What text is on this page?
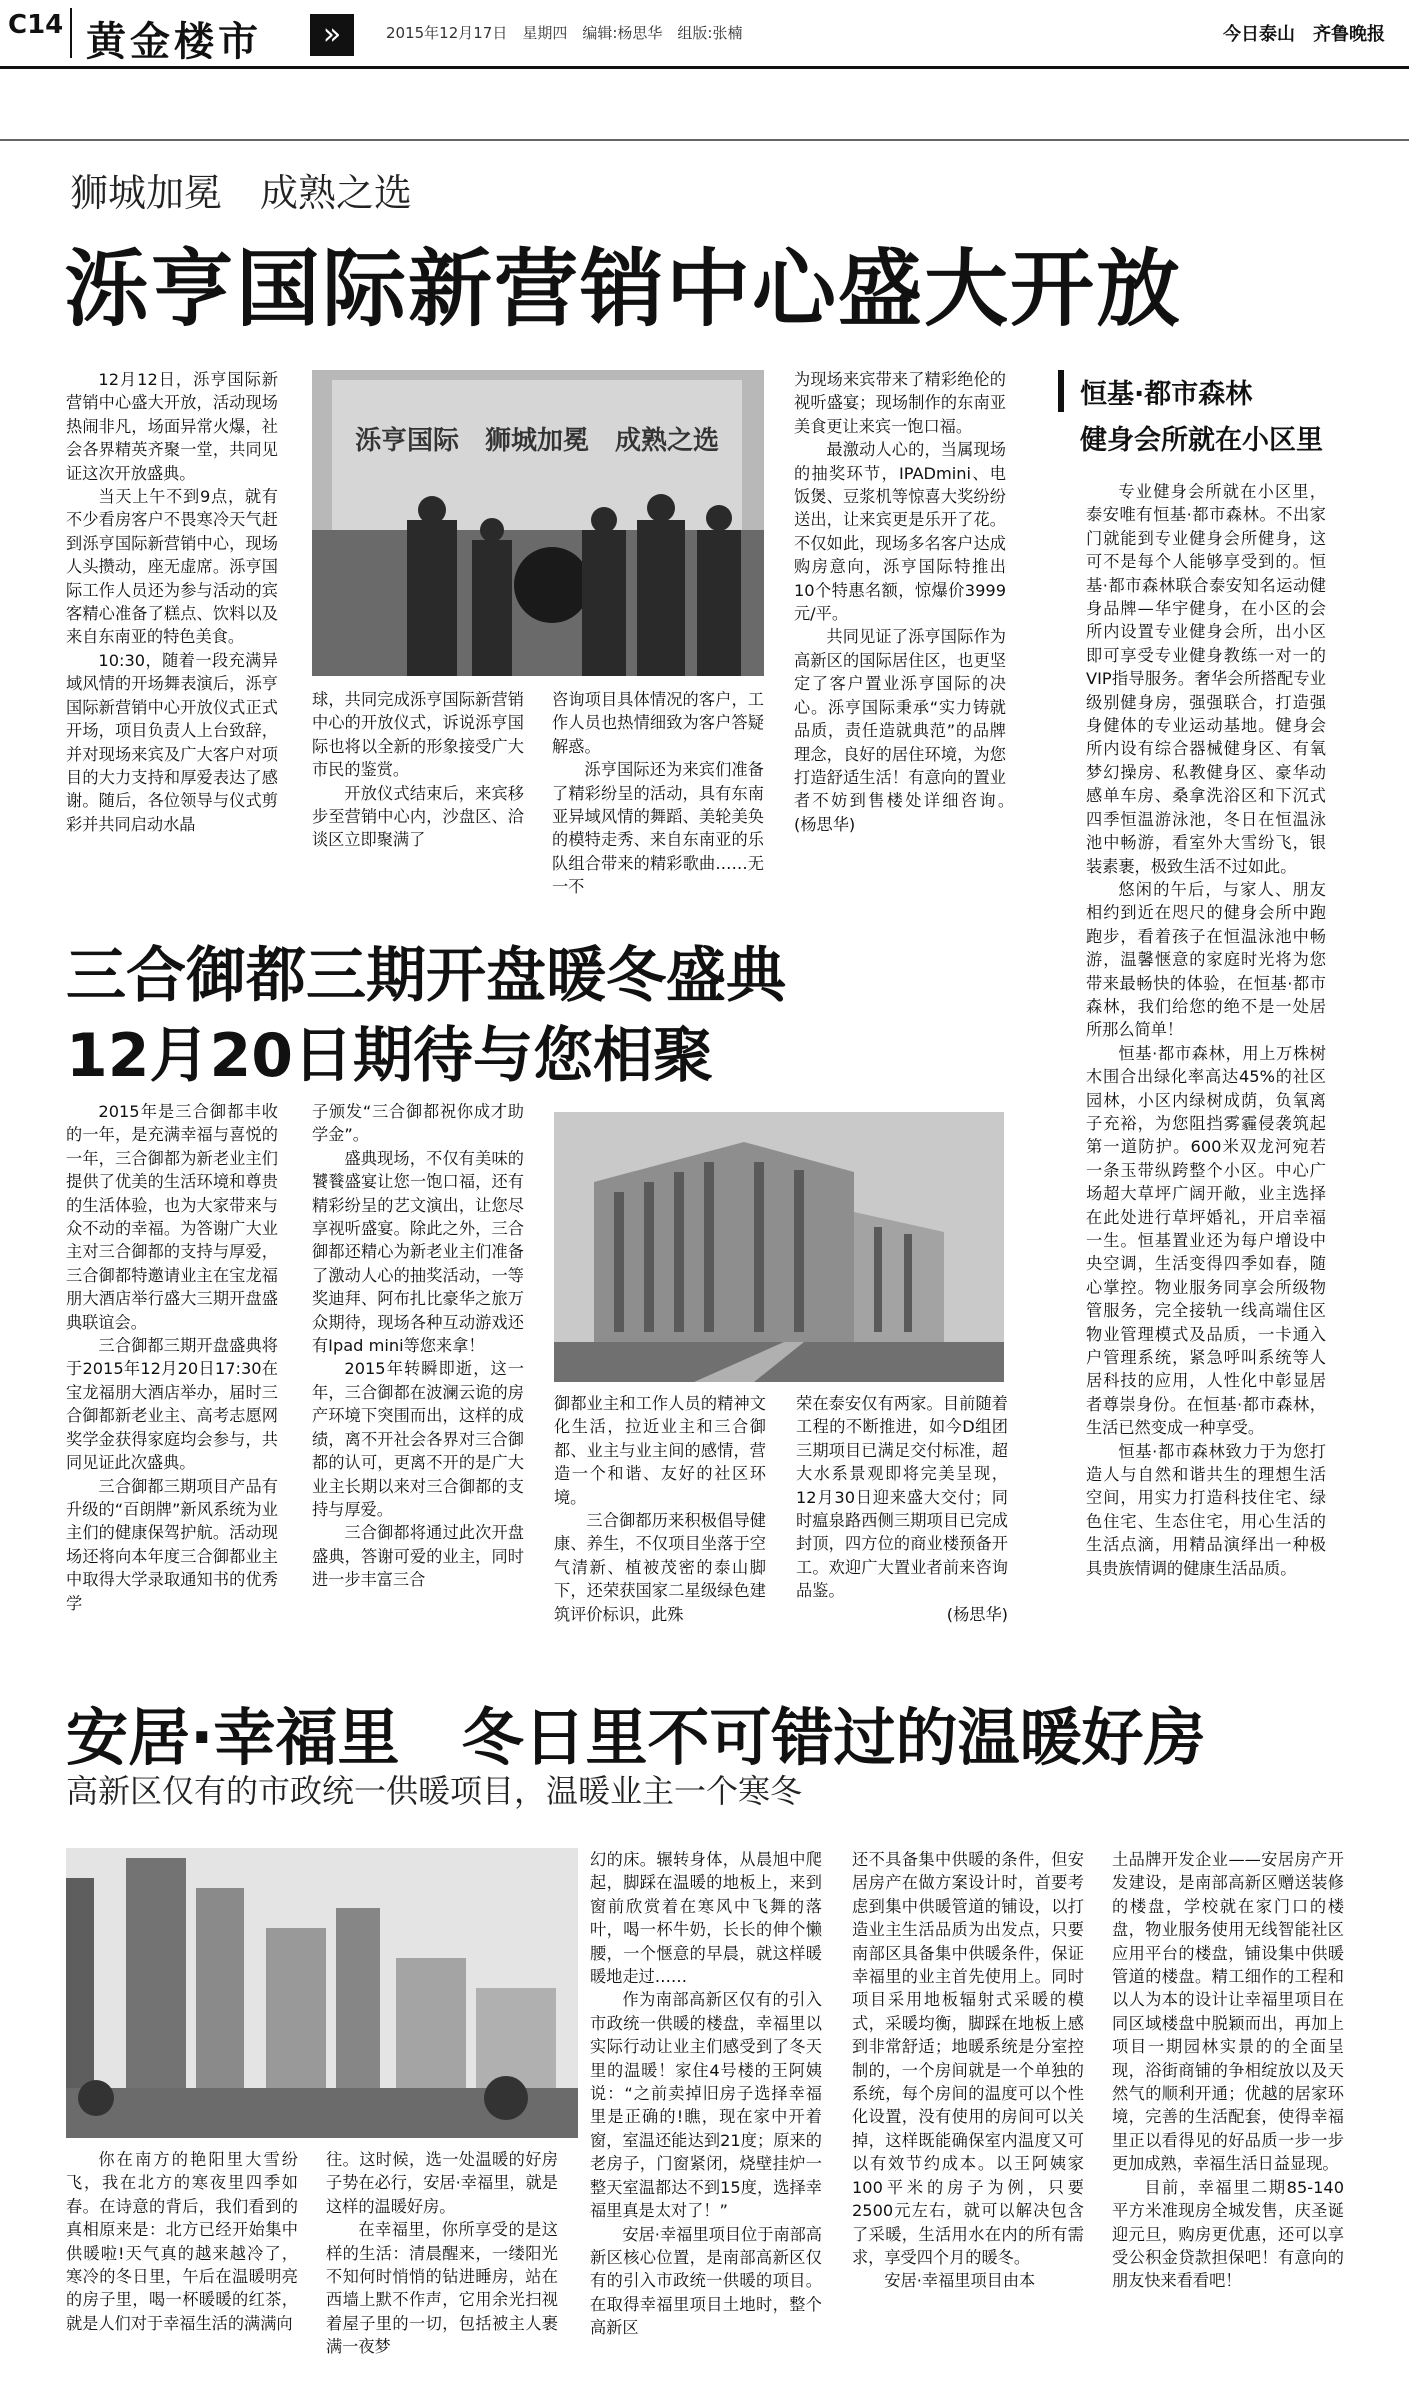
C14 黄金楼市	»	2015年12月17日　星期四　编辑:杨思华　组版:张楠	今日泰山　齐鲁晚报
狮城加冕　成熟之选
泺亨国际新营销中心盛大开放

12月12日，泺亨国际新营销中心盛大开放，活动现场热闹非凡，场面异常火爆，社会各界精英齐聚一堂，共同见证这次开放盛典。

当天上午不到9点，就有不少看房客户不畏寒冷天气赶到泺亨国际新营销中心，现场人头攒动，座无虚席。泺亨国际工作人员还为参与活动的宾客精心准备了糕点、饮料以及来自东南亚的特色美食。

10:30，随着一段充满异域风情的开场舞表演后，泺亨国际新营销中心开放仪式正式开场，项目负责人上台致辞，并对现场来宾及广大客户对项目的大力支持和厚爱表达了感谢。随后，各位领导与仪式剪彩并共同启动水晶

泺亨国际　狮城加冕　成熟之选

球，共同完成泺亨国际新营销中心的开放仪式，诉说泺亨国际也将以全新的形象接受广大市民的鉴赏。

开放仪式结束后，来宾移步至营销中心内，沙盘区、洽谈区立即聚满了

咨询项目具体情况的客户，工作人员也热情细致为客户答疑解惑。

泺亨国际还为来宾们准备了精彩纷呈的活动，具有东南亚异域风情的舞蹈、美轮美奂的模特走秀、来自东南亚的乐队组合带来的精彩歌曲……无一不

为现场来宾带来了精彩绝伦的视听盛宴；现场制作的东南亚美食更让来宾一饱口福。

最激动人心的，当属现场的抽奖环节，IPADmini、电饭煲、豆浆机等惊喜大奖纷纷送出，让来宾更是乐开了花。不仅如此，现场多名客户达成购房意向，泺亨国际特推出10个特惠名额，惊爆价3999元/平。

共同见证了泺亨国际作为高新区的国际居住区，也更坚定了客户置业泺亨国际的决心。泺亨国际秉承“实力铸就品质，责任造就典范”的品牌理念，良好的居住环境，为您打造舒适生活！有意向的置业者不妨到售楼处详细咨询。　(杨思华)

恒基·都市森林
健身会所就在小区里

专业健身会所就在小区里，泰安唯有恒基·都市森林。不出家门就能到专业健身会所健身，这可不是每个人能够享受到的。恒基·都市森林联合泰安知名运动健身品牌—华宇健身，在小区的会所内设置专业健身会所，出小区即可享受专业健身教练一对一的VIP指导服务。奢华会所搭配专业级别健身房，强强联合，打造强身健体的专业运动基地。健身会所内设有综合器械健身区、有氧梦幻操房、私教健身区、豪华动感单车房、桑拿洗浴区和下沉式四季恒温游泳池，冬日在恒温泳池中畅游，看室外大雪纷飞，银装素裹，极致生活不过如此。

悠闲的午后，与家人、朋友相约到近在咫尺的健身会所中跑跑步，看着孩子在恒温泳池中畅游，温馨惬意的家庭时光将为您带来最畅快的体验，在恒基·都市森林，我们给您的绝不是一处居所那么简单！

恒基·都市森林，用上万株树木围合出绿化率高达45%的社区园林，小区内绿树成荫，负氧离子充裕，为您阻挡雾霾侵袭筑起第一道防护。600米双龙河宛若一条玉带纵跨整个小区。中心广场超大草坪广阔开敞，业主选择在此处进行草坪婚礼，开启幸福一生。恒基置业还为每户增设中央空调，生活变得四季如春，随心掌控。物业服务同享会所级物管服务，完全接轨一线高端住区物业管理模式及品质，一卡通入户管理系统，紧急呼叫系统等人居科技的应用，人性化中彰显居者尊崇身份。在恒基·都市森林，生活已然变成一种享受。

恒基·都市森林致力于为您打造人与自然和谐共生的理想生活空间，用实力打造科技住宅、绿色住宅、生态住宅，用心生活的生活点滴，用精品演绎出一种极具贵族情调的健康生活品质。

三合御都三期开盘暖冬盛典
12月20日期待与您相聚

2015年是三合御都丰收的一年，是充满幸福与喜悦的一年，三合御都为新老业主们提供了优美的生活环境和尊贵的生活体验，也为大家带来与众不动的幸福。为答谢广大业主对三合御都的支持与厚爱，三合御都特邀请业主在宝龙福朋大酒店举行盛大三期开盘盛典联谊会。

三合御都三期开盘盛典将于2015年12月20日17:30在宝龙福朋大酒店举办，届时三合御都新老业主、高考志愿网奖学金获得家庭均会参与，共同见证此次盛典。

三合御都三期项目产品有升级的“百朗牌”新风系统为业主们的健康保驾护航。活动现场还将向本年度三合御都业主中取得大学录取通知书的优秀学

子颁发“三合御都祝你成才助学金”。

盛典现场，不仅有美味的饕餮盛宴让您一饱口福，还有精彩纷呈的艺文演出，让您尽享视听盛宴。除此之外，三合御都还精心为新老业主们准备了激动人心的抽奖活动，一等奖迪拜、阿布扎比豪华之旅万众期待，现场各种互动游戏还有Ipad mini等您来拿！

2015年转瞬即逝，这一年，三合御都在波澜云诡的房产环境下突围而出，这样的成绩，离不开社会各界对三合御都的认可，更离不开的是广大业主长期以来对三合御都的支持与厚爱。

三合御都将通过此次开盘盛典，答谢可爱的业主，同时进一步丰富三合

御都业主和工作人员的精神文化生活，拉近业主和三合御都、业主与业主间的感情，营造一个和谐、友好的社区环境。

三合御都历来积极倡导健康、养生，不仅项目坐落于空气清新、植被茂密的泰山脚下，还荣获国家二星级绿色建筑评价标识，此殊

荣在泰安仅有两家。目前随着工程的不断推进，如今D组团三期项目已满足交付标准，超大水系景观即将完美呈现，12月30日迎来盛大交付；同时瘟泉路西侧三期项目已完成封顶，四方位的商业楼预备开工。欢迎广大置业者前来咨询品鉴。

(杨思华)

安居·幸福里　冬日里不可错过的温暖好房
高新区仅有的市政统一供暖项目，温暖业主一个寒冬

你在南方的艳阳里大雪纷飞，我在北方的寒夜里四季如春。在诗意的背后，我们看到的真相原来是：北方已经开始集中供暖啦!天气真的越来越冷了，寒冷的冬日里，午后在温暖明亮的房子里，喝一杯暖暖的红茶，就是人们对于幸福生活的满满向

往。这时候，选一处温暖的好房子势在必行，安居·幸福里，就是这样的温暖好房。

在幸福里，你所享受的是这样的生活：清晨醒来，一缕阳光不知何时悄悄的钻进睡房，站在西墙上默不作声，它用余光扫视着屋子里的一切，包括被主人裹满一夜梦

幻的床。辗转身体，从晨旭中爬起，脚踩在温暖的地板上，来到窗前欣赏着在寒风中飞舞的落叶，喝一杯牛奶，长长的伸个懒腰，一个惬意的早晨，就这样暖暖地走过……

作为南部高新区仅有的引入市政统一供暖的楼盘，幸福里以实际行动让业主们感受到了冬天里的温暖！家住4号楼的王阿姨说：“之前卖掉旧房子选择幸福里是正确的!瞧，现在家中开着窗，室温还能达到21度；原来的老房子，门窗紧闭，烧壁挂炉一整天室温都达不到15度，选择幸福里真是太对了！”

安居·幸福里项目位于南部高新区核心位置，是南部高新区仅有的引入市政统一供暖的项目。在取得幸福里项目土地时，整个高新区

还不具备集中供暖的条件，但安居房产在做方案设计时，首要考虑到集中供暖管道的铺设，以打造业主生活品质为出发点，只要南部区具备集中供暖条件，保证幸福里的业主首先使用上。同时项目采用地板辐射式采暖的模式，采暖均衡，脚踩在地板上感到非常舒适；地暖系统是分室控制的，一个房间就是一个单独的系统，每个房间的温度可以个性化设置，没有使用的房间可以关掉，这样既能确保室内温度又可以有效节约成本。以王阿姨家100平米的房子为例，只要2500元左右，就可以解决包含了采暖，生活用水在内的所有需求，享受四个月的暖冬。

安居·幸福里项目由本

土品牌开发企业——安居房产开发建设，是南部高新区赠送装修的楼盘，学校就在家门口的楼盘，物业服务使用无线智能社区应用平台的楼盘，铺设集中供暖管道的楼盘。精工细作的工程和以人为本的设计让幸福里项目在同区域楼盘中脱颖而出，再加上项目一期园林实景的的全面呈现，浴街商铺的争相绽放以及天然气的顺利开通；优越的居家环境，完善的生活配套，使得幸福里正以看得见的好品质一步一步更加成熟，幸福生活日益显现。

目前，幸福里二期85-140平方米准现房全城发售，庆圣诞迎元旦，购房更优惠，还可以享受公积金贷款担保吧！有意向的朋友快来看看吧！
